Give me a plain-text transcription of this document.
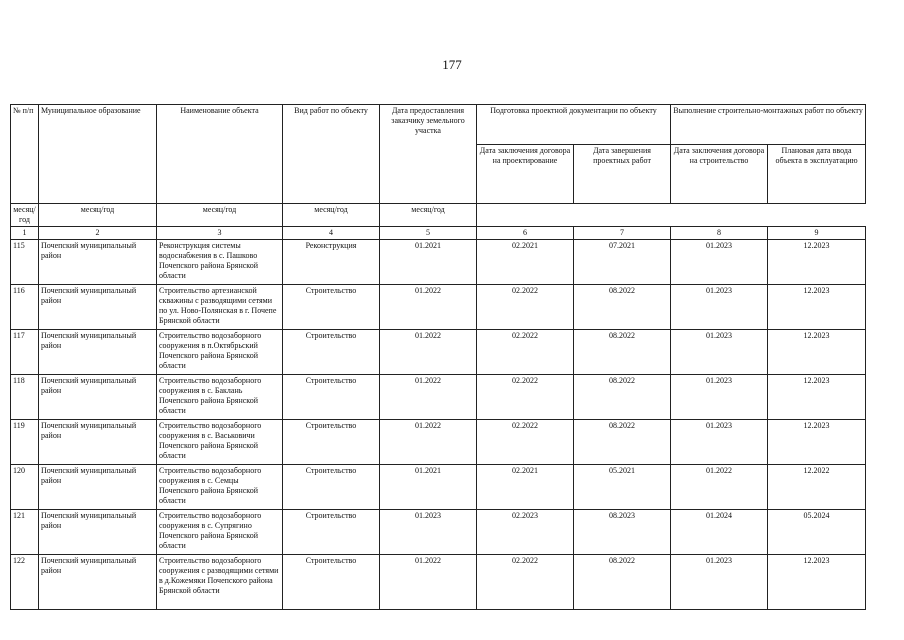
177
№ п/п	Муниципальное образование	Наименование объекта	Вид работ по объекту	Дата предоставления заказчику земельного участка	Подготовка проектной документации по объекту		Выполнение строительно-монтажных работ по объекту	
					Дата заключения договора на проектирование	Дата завершения проектных работ	Дата заключения договора на строительство	Плановая дата ввода объекта в эксплуатацию
месяц/год	месяц/год	месяц/год	месяц/год	месяц/год				
1	2	3	4	5	6	7	8	9
115	Почепский муниципальный район	Реконструкция системы водоснабжения в с. Пашково Почепского района Брянской области	Реконструкция	01.2021	02.2021	07.2021	01.2023	12.2023
116	Почепский муниципальный район	Строительство артезианской скважины с разводящими сетями по ул. Ново-Полянская в г. Почепе Брянской области	Строительство	01.2022	02.2022	08.2022	01.2023	12.2023
117	Почепский муниципальный район	Строительство водозаборного сооружения в п.Октябрьский Почепского района Брянской области	Строительство	01.2022	02.2022	08.2022	01.2023	12.2023
118	Почепский муниципальный район	Строительство водозаборного сооружения в с. Баклань Почепского района Брянской области	Строительство	01.2022	02.2022	08.2022	01.2023	12.2023
119	Почепский муниципальный район	Строительство водозаборного сооружения в с. Васьковичи Почепского района Брянской области	Строительство	01.2022	02.2022	08.2022	01.2023	12.2023
120	Почепский муниципальный район	Строительство водозаборного сооружения в с. Семцы Почепского района Брянской области	Строительство	01.2021	02.2021	05.2021	01.2022	12.2022
121	Почепский муниципальный район	Строительство водозаборного сооружения в с. Супрягино Почепского района Брянской области	Строительство	01.2023	02.2023	08.2023	01.2024	05.2024
122	Почепский муниципальный район	Строительство водозаборного сооружения с разводящими сетями в д.Кожемяки Почепского района Брянской области	Строительство	01.2022	02.2022	08.2022	01.2023	12.2023
